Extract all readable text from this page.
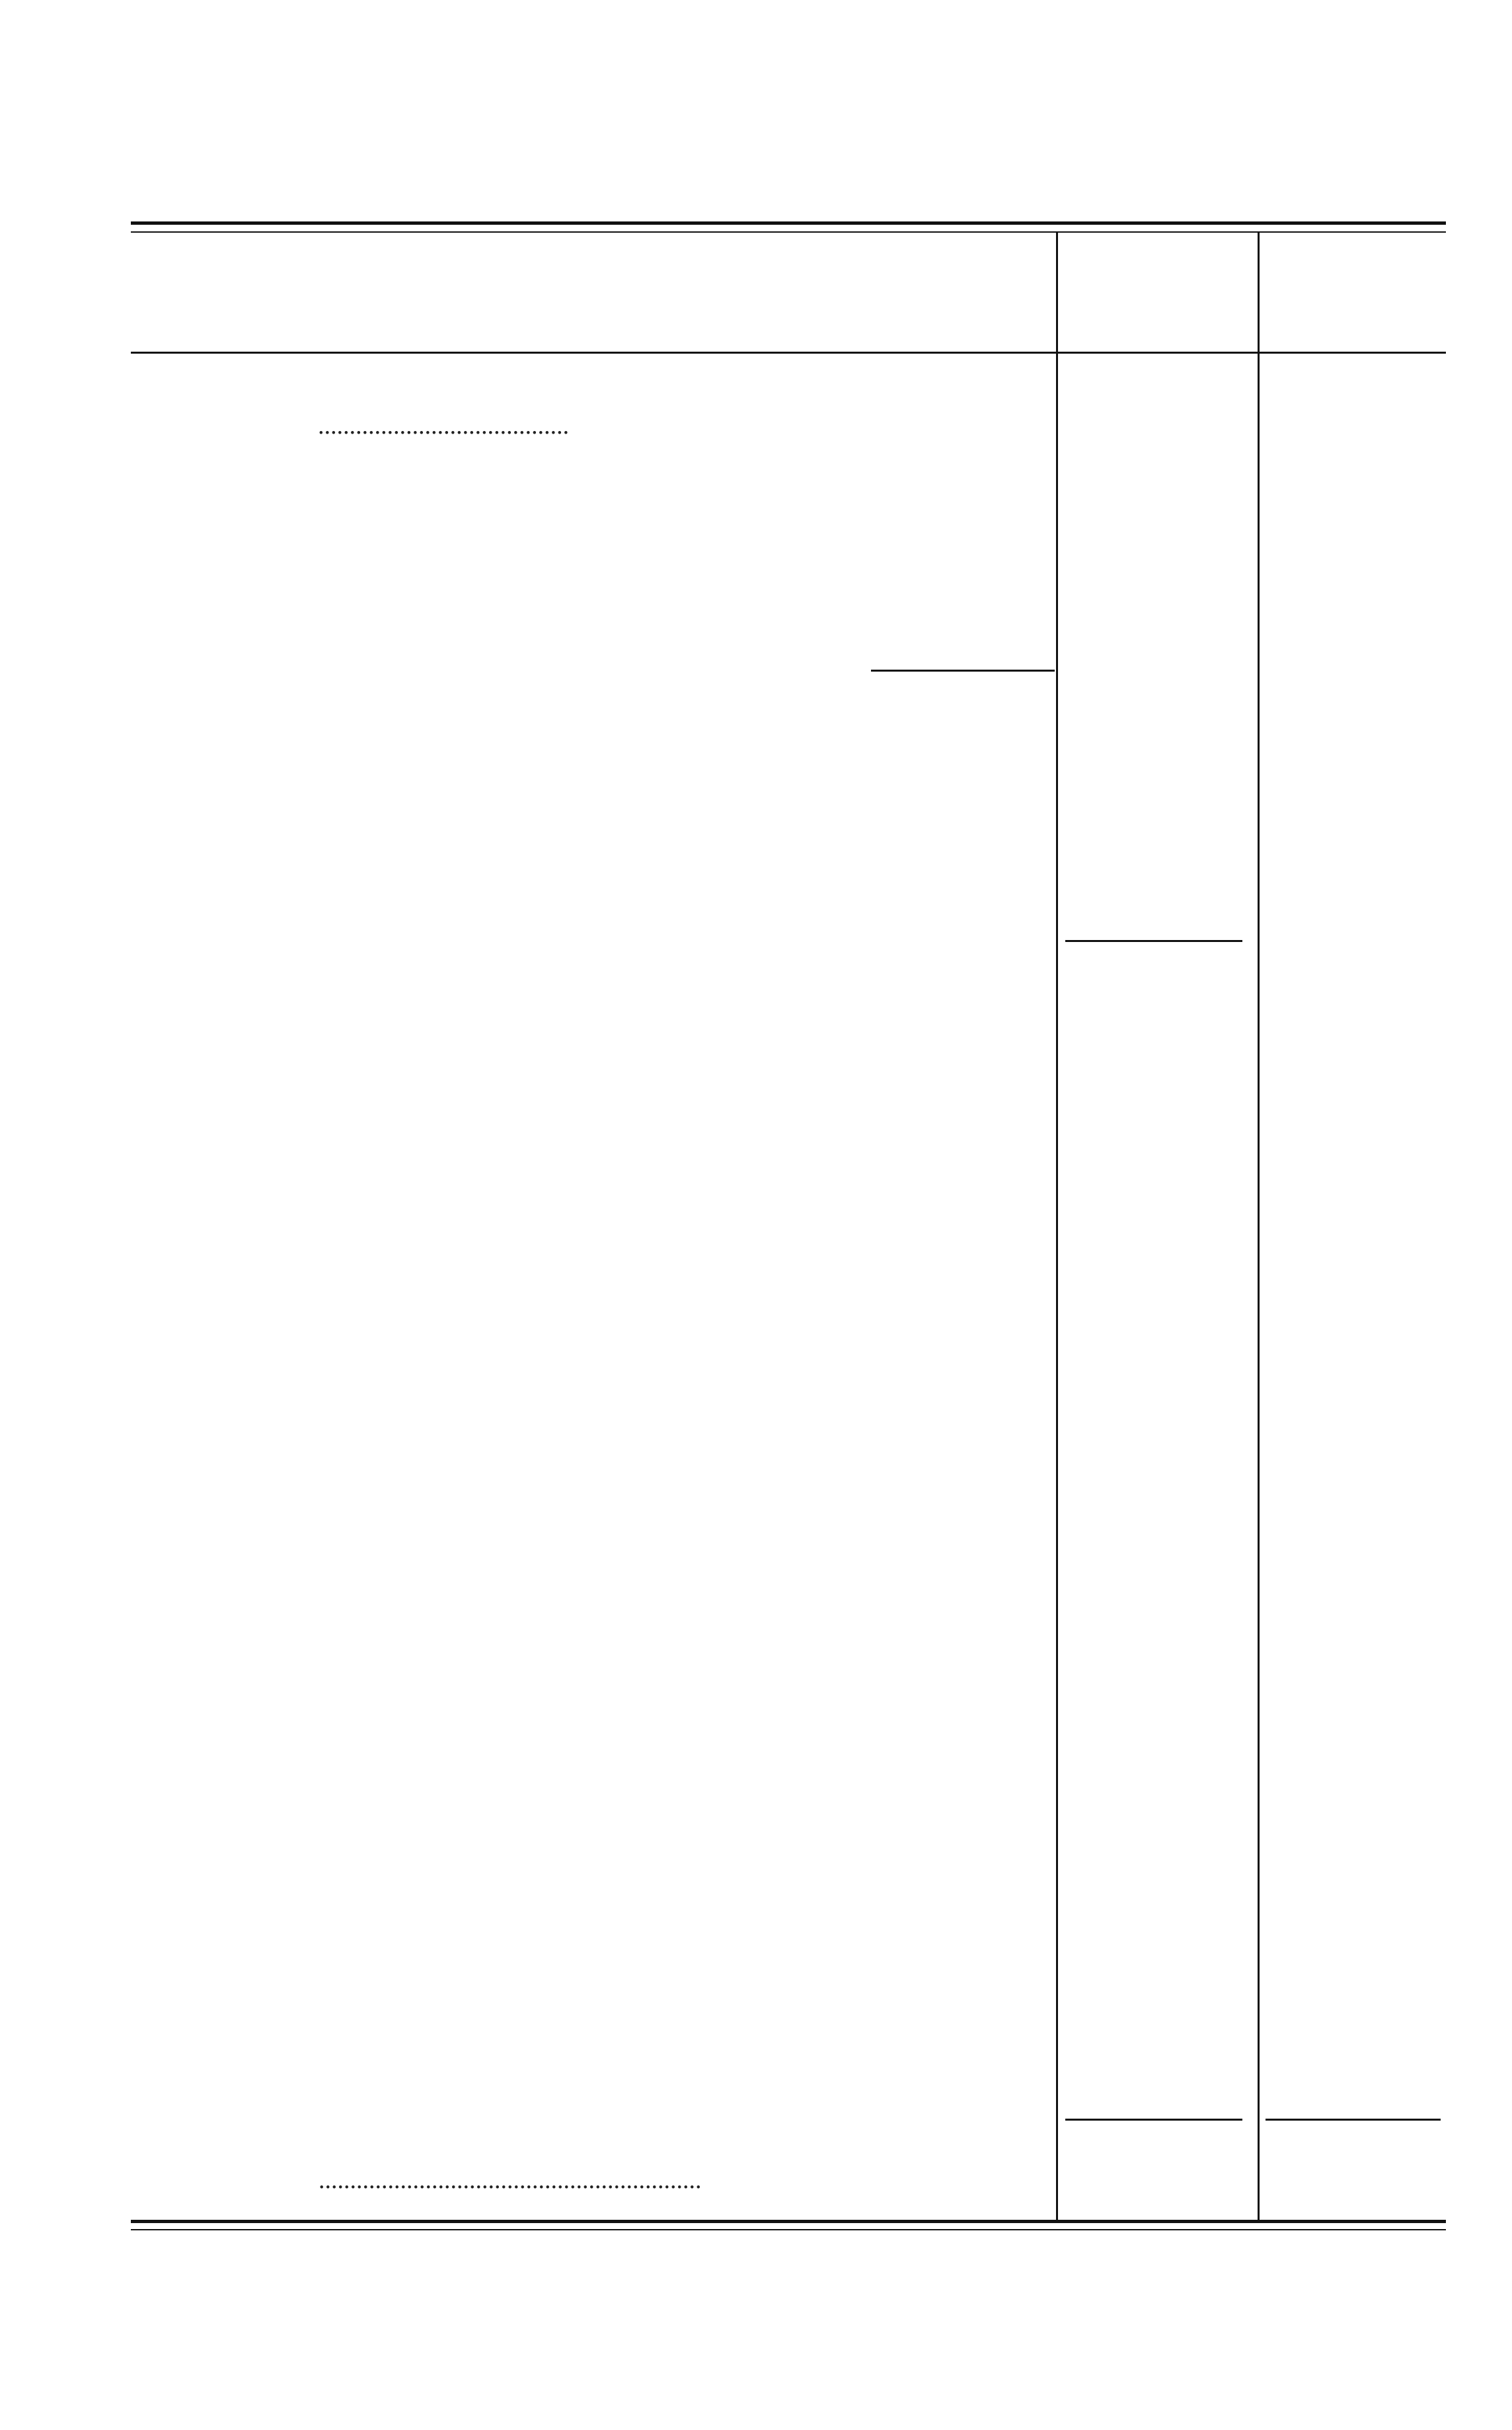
........................................
.............................................................
